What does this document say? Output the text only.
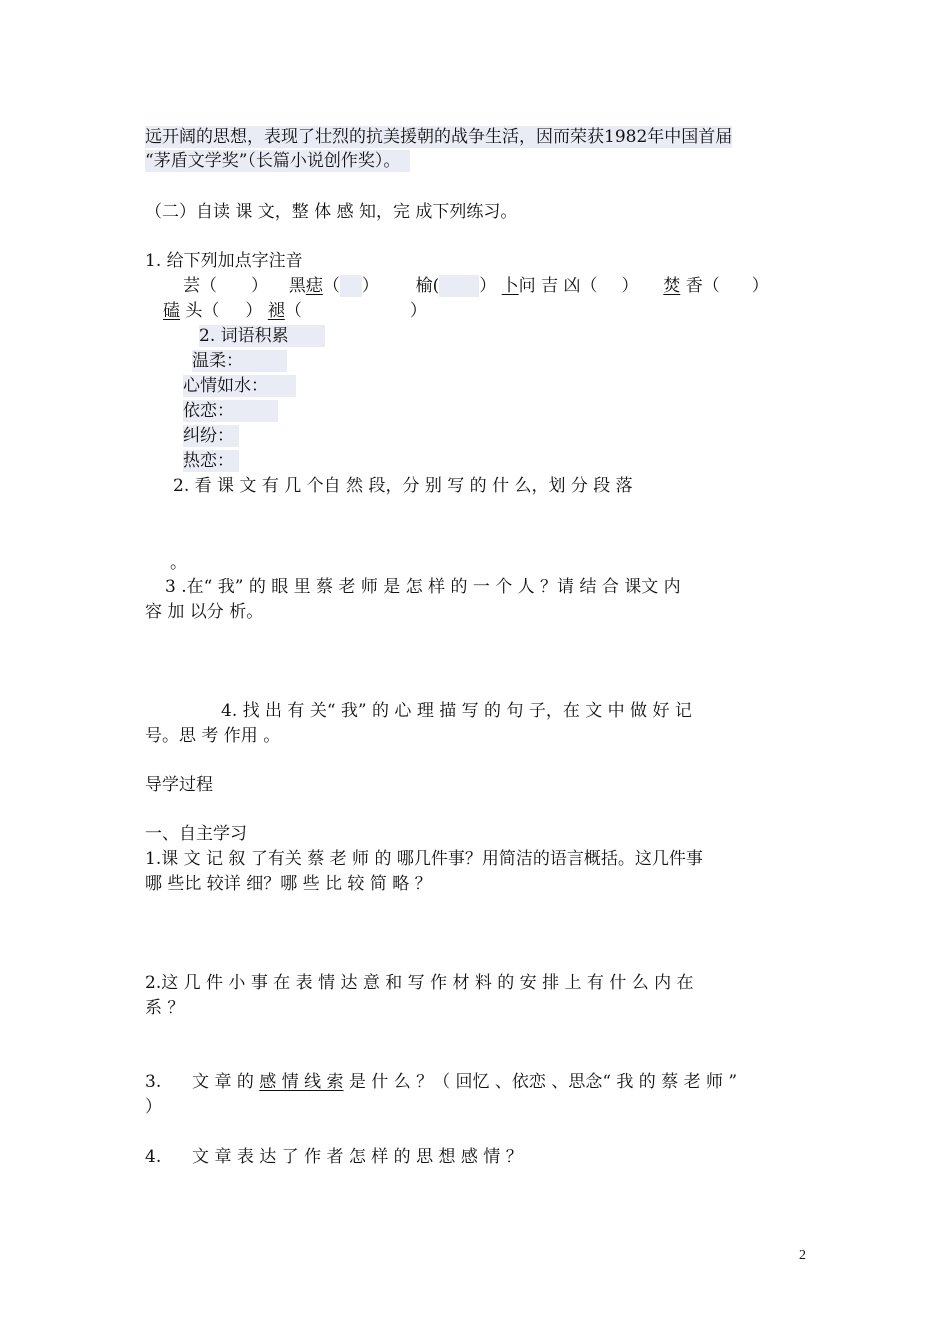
远开阔的思想，表现了壮烈的抗美援朝的战争生活，因而荣获1982年中国首届
“茅盾文学奖”（长篇小说创作奖）。
（二）自读 课 文，整 体 感 知，完 成下列练习。
1. 给下列加点字注音
芸（ ） 黑痣（ ） 榆( ） 卜问 吉 凶（ ） 焚 香（ ）
磕 头（ ） 褪（	）
2. 词语积累
温柔：
心情如水：
依恋：
纠纷：
热恋：
2. 看 课 文 有 几 个自 然 段，分 别 写 的 什 么，划 分 段 落
。
3 .在“ 我” 的 眼 里 蔡 老 师 是 怎 样 的 一 个 人 ？请 结 合 课文 内
容 加 以分 析。
4. 找 出 有 关“ 我” 的 心 理 描 写 的 句 子，在 文 中 做 好 记
号。思 考 作用 。
导学过程
一、自主学习
1.课 文 记 叙 了有关 蔡 老 师 的 哪几件事？用简洁的语言概括。这几件事
哪 些比 较详 细？哪 些 比 较 简 略 ？
2.这 几 件 小 事 在 表 情 达 意 和 写 作 材 料 的 安 排 上 有 什 么 内 在
系 ？
3. 文 章 的 感 情 线 索 是 什 么 ？（ 回忆 、依恋 、思念“ 我 的 蔡 老 师 ”
）
4. 文 章 表 达 了 作 者 怎 样 的 思 想 感 情 ？
2
